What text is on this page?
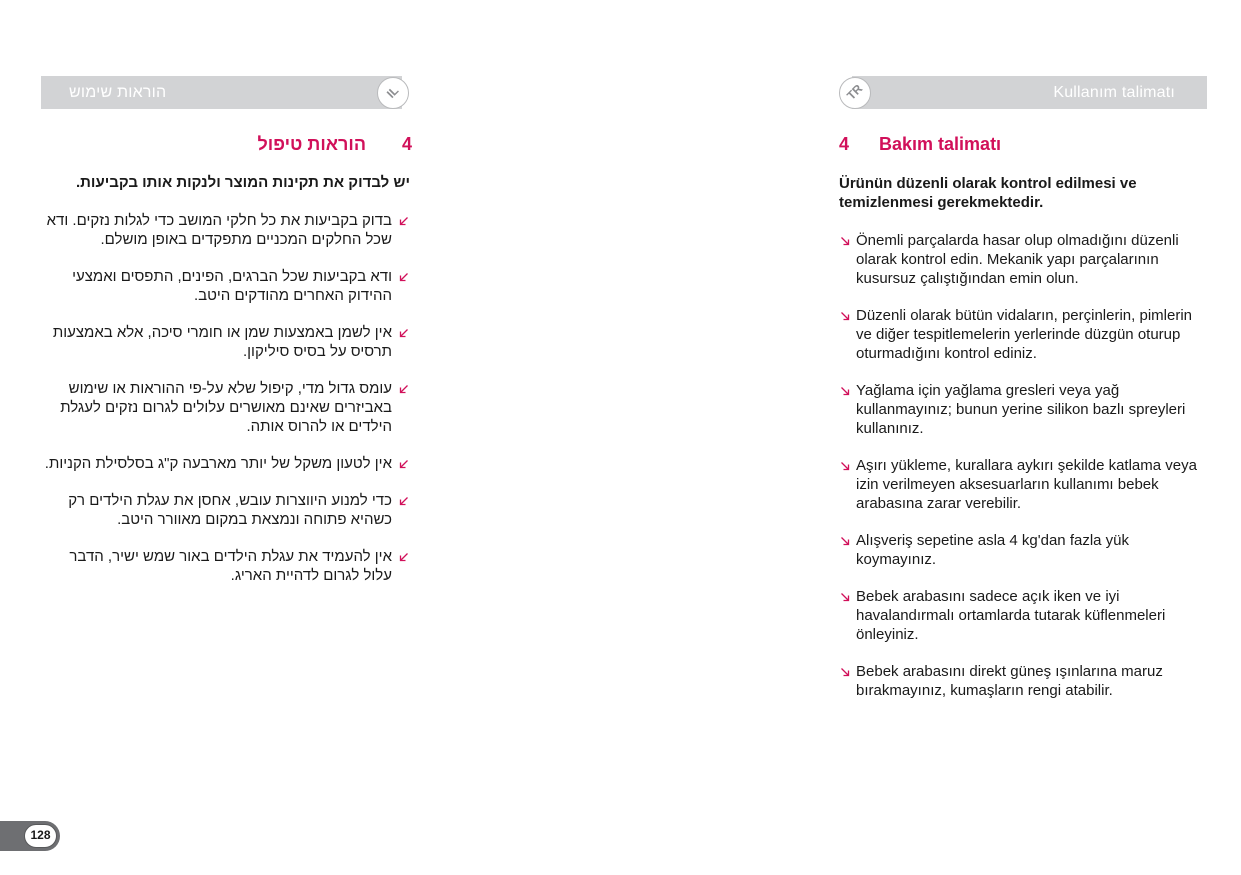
הוראות שימוש	IL
4
הוראות טיפול
יש לבדוק את תקינות המוצר ולנקות אותו בקביעות.
בדוק בקביעות את כל חלקי המושב כדי לגלות נזקים. ודא שכל החלקים המכניים מתפקדים באופן מושלם.
ודא בקביעות שכל הברגים, הפינים, התפסים ואמצעי ההידוק האחרים מהודקים היטב.
אין לשמן באמצעות שמן או חומרי סיכה, אלא באמצעות תרסיס על בסיס סיליקון.
עומס גדול מדי, קיפול שלא על-פי ההוראות או שימוש באביזרים שאינם מאושרים עלולים לגרום נזקים לעגלת הילדים או להרוס אותה.
אין לטעון משקל של יותר מארבעה ק"ג בסלסילת הקניות.
כדי למנוע היווצרות עובש, אחסן את עגלת הילדים רק כשהיא פתוחה ונמצאת במקום מאוורר היטב.
אין להעמיד את עגלת הילדים באור שמש ישיר, הדבר עלול לגרום לדהיית האריג.
Kullanım talimatı
TR
4 Bakım talimatı
Ürünün düzenli olarak kontrol edilmesi ve temizlenmesi gerekmektedir.
Önemli parçalarda hasar olup olmadığını düzenli olarak kontrol edin. Mekanik yapı parçalarının kusursuz çalıştığından emin olun.
Düzenli olarak bütün vidaların, perçinlerin, pimlerin ve diğer tespitlemelerin yerlerinde düzgün oturup oturmadığını kontrol ediniz.
Yağlama için yağlama gresleri veya yağ kullanmayınız; bunun yerine silikon bazlı spreyleri kullanınız.
Aşırı yükleme, kurallara aykırı şekilde katlama veya izin verilmeyen aksesuarların kullanımı bebek arabasına zarar verebilir.
Alışveriş sepetine asla 4 kg'dan fazla yük koymayınız.
Bebek arabasını sadece açık iken ve iyi havalandırmalı ortamlarda tutarak küflenmeleri önleyiniz.
Bebek arabasını direkt güneş ışınlarına maruz bırakmayınız, kumaşların rengi atabilir.
128
